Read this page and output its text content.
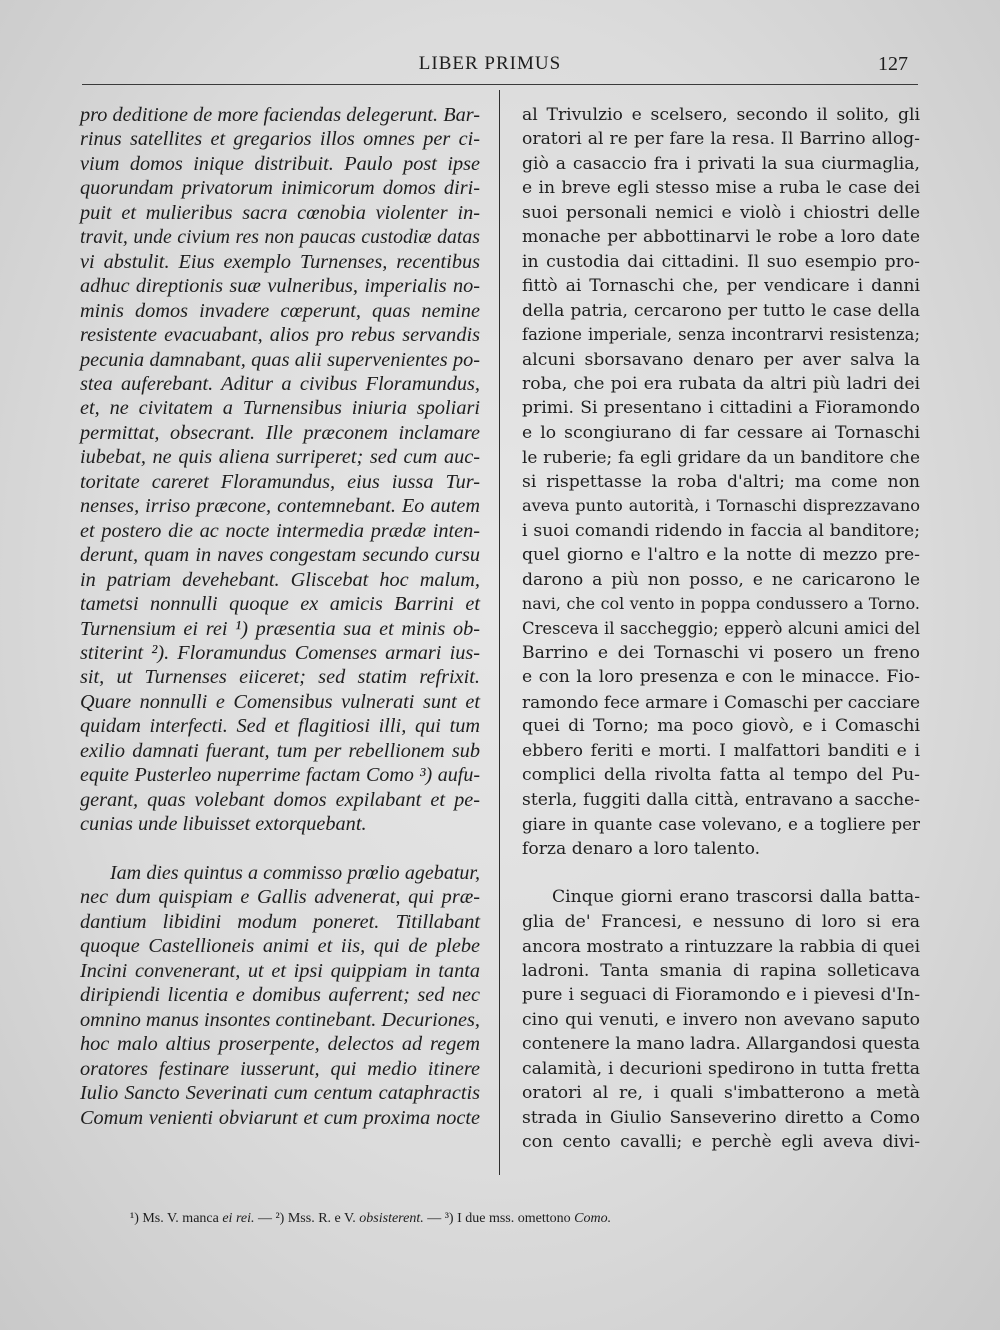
LIBER PRIMUS	127
pro deditione de more faciendas delegerunt. Bar-
rinus satellites et gregarios illos omnes per ci-
vium domos inique distribuit. Paulo post ipse
quorundam privatorum inimicorum domos diri-
puit et mulieribus sacra cœnobia violenter in-
travit, unde civium res non paucas custodiæ datas
vi abstulit. Eius exemplo Turnenses, recentibus
adhuc direptionis suæ vulneribus, imperialis no-
minis domos invadere cœperunt, quas nemine
resistente evacuabant, alios pro rebus servandis
pecunia damnabant, quas alii supervenientes po-
stea auferebant. Aditur a civibus Floramundus,
et, ne civitatem a Turnensibus iniuria spoliari
permittat, obsecrant. Ille præconem inclamare
iubebat, ne quis aliena surriperet; sed cum auc-
toritate careret Floramundus, eius iussa Tur-
nenses, irriso præcone, contemnebant. Eo autem
et postero die ac nocte intermedia prædæ inten-
derunt, quam in naves congestam secundo cursu
in patriam devehebant. Gliscebat hoc malum,
tametsi nonnulli quoque ex amicis Barrini et
Turnensium ei rei ¹) præsentia sua et minis ob-
stiterint ²). Floramundus Comenses armari ius-
sit, ut Turnenses eiiceret; sed statim refrixit.
Quare nonnulli e Comensibus vulnerati sunt et
quidam interfecti. Sed et flagitiosi illi, qui tum
exilio damnati fuerant, tum per rebellionem sub
equite Pusterleo nuperrime factam Como ³) aufu-
gerant, quas volebant domos expilabant et pe-
cunias unde libuisset extorquebant.
Iam dies quintus a commisso prœlio agebatur,
nec dum quispiam e Gallis advenerat, qui præ-
dantium libidini modum poneret. Titillabant
quoque Castellioneis animi et iis, qui de plebe
Incini convenerant, ut et ipsi quippiam in tanta
diripiendi licentia e domibus auferrent; sed nec
omnino manus insontes continebant. Decuriones,
hoc malo altius proserpente, delectos ad regem
oratores festinare iusserunt, qui medio itinere
Iulio Sancto Severinati cum centum cataphractis
Comum venienti obviarunt et cum proxima nocte
al Trivulzio e scelsero, secondo il solito, gli
oratori al re per fare la resa. Il Barrino allog-
giò a casaccio fra i privati la sua ciurmaglia,
e in breve egli stesso mise a ruba le case dei
suoi personali nemici e violò i chiostri delle
monache per abbottinarvi le robe a loro date
in custodia dai cittadini. Il suo esempio pro-
fittò ai Tornaschi che, per vendicare i danni
della patria, cercarono per tutto le case della
fazione imperiale, senza incontrarvi resistenza;
alcuni sborsavano denaro per aver salva la
roba, che poi era rubata da altri più ladri dei
primi. Si presentano i cittadini a Fioramondo
e lo scongiurano di far cessare ai Tornaschi
le ruberie; fa egli gridare da un banditore che
si rispettasse la roba d'altri; ma come non
aveva punto autorità, i Tornaschi disprezzavano
i suoi comandi ridendo in faccia al banditore;
quel giorno e l'altro e la notte di mezzo pre-
darono a più non posso, e ne caricarono le
navi, che col vento in poppa condussero a Torno.
Cresceva il saccheggio; epperò alcuni amici del
Barrino e dei Tornaschi vi posero un freno
e con la loro presenza e con le minacce. Fio-
ramondo fece armare i Comaschi per cacciare
quei di Torno; ma poco giovò, e i Comaschi
ebbero feriti e morti. I malfattori banditi e i
complici della rivolta fatta al tempo del Pu-
sterla, fuggiti dalla città, entravano a sacche-
giare in quante case volevano, e a togliere per
forza denaro a loro talento.
Cinque giorni erano trascorsi dalla batta-
glia de' Francesi, e nessuno di loro si era
ancora mostrato a rintuzzare la rabbia di quei
ladroni. Tanta smania di rapina solleticava
pure i seguaci di Fioramondo e i pievesi d'In-
cino qui venuti, e invero non avevano saputo
contenere la mano ladra. Allargandosi questa
calamità, i decurioni spedirono in tutta fretta
oratori al re, i quali s'imbatterono a metà
strada in Giulio Sanseverino diretto a Como
con cento cavalli; e perchè egli aveva divi-
¹) Ms. V. manca ei rei. — ²) Mss. R. e V. obsisterent. — ³) I due mss. omettono Como.
